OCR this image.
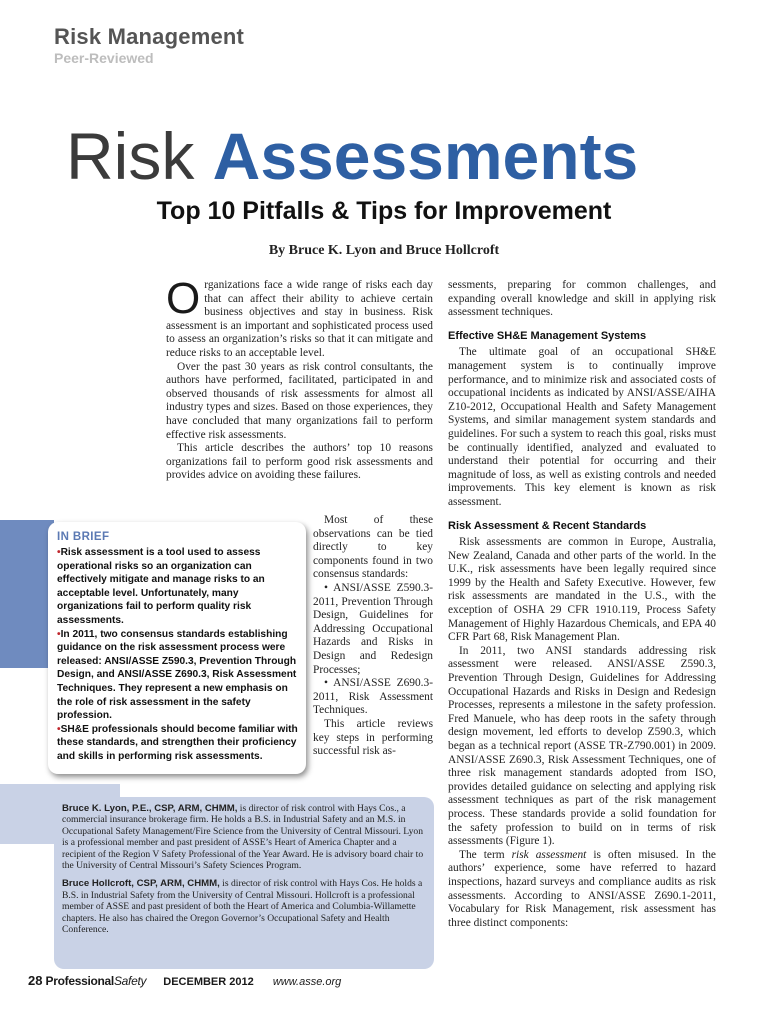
Risk Management
Peer-Reviewed
Risk Assessments
Top 10 Pitfalls & Tips for Improvement
By Bruce K. Lyon and Bruce Hollcroft

Organizations face a wide range of risks each day that can affect their ability to achieve certain business objectives and stay in business. Risk assessment is an important and sophisticated process used to assess an organization’s risks so that it can mitigate and reduce risks to an acceptable level.

Over the past 30 years as risk control consultants, the authors have performed, facilitated, participated in and observed thousands of risk assessments for almost all industry types and sizes. Based on those experiences, they have concluded that many organizations fail to perform effective risk assessments.

This article describes the authors’ top 10 reasons organizations fail to perform good risk assessments and provides advice on avoiding these failures.

Most of these observations can be tied directly to key components found in two consensus standards:

• ANSI/ASSE Z590.3-2011, Prevention Through Design, Guidelines for Addressing Occupational Hazards and Risks in Design and Redesign Processes;

• ANSI/ASSE Z690.3-2011, Risk Assessment Techniques.

This article reviews key steps in performing successful risk as-

sessments, preparing for common challenges, and expanding overall knowledge and skill in applying risk assessment techniques.

Effective SH&E Management Systems

The ultimate goal of an occupational SH&E management system is to continually improve performance, and to minimize risk and associated costs of occupational incidents as indicated by ANSI/ASSE/AIHA Z10-2012, Occupational Health and Safety Management Systems, and similar management system standards and guidelines. For such a system to reach this goal, risks must be continually identified, analyzed and evaluated to understand their potential for occurring and their magnitude of loss, as well as existing controls and needed improvements. This key element is known as risk assessment.

Risk Assessment & Recent Standards

Risk assessments are common in Europe, Australia, New Zealand, Canada and other parts of the world. In the U.K., risk assessments have been legally required since 1999 by the Health and Safety Executive. However, few risk assessments are mandated in the U.S., with the exception of OSHA 29 CFR 1910.119, Process Safety Management of Highly Hazardous Chemicals, and EPA 40 CFR Part 68, Risk Management Plan.

In 2011, two ANSI standards addressing risk assessment were released. ANSI/ASSE Z590.3, Prevention Through Design, Guidelines for Addressing Occupational Hazards and Risks in Design and Redesign Processes, represents a milestone in the safety profession. Fred Manuele, who has deep roots in the safety through design movement, led efforts to develop Z590.3, which began as a technical report (ASSE TR-Z790.001) in 2009. ANSI/ASSE Z690.3, Risk Assessment Techniques, one of three risk management standards adopted from ISO, provides detailed guidance on selecting and applying risk assessment techniques as part of the risk management process. These standards provide a solid foundation for the safety profession to build on in terms of risk assessments (Figure 1).

The term risk assessment is often misused. In the authors’ experience, some have referred to hazard inspections, hazard surveys and compliance audits as risk assessments. According to ANSI/ASSE Z690.1-2011, Vocabulary for Risk Management, risk assessment has three distinct components:

IN BRIEF

•Risk assessment is a tool used to assess operational risks so an organization can effectively mitigate and manage risks to an acceptable level. Unfortunately, many organizations fail to perform quality risk assessments.

•In 2011, two consensus standards establishing guidance on the risk assessment process were released: ANSI/ASSE Z590.3, Prevention Through Design, and ANSI/ASSE Z690.3, Risk Assessment Techniques. They represent a new emphasis on the role of risk assessment in the safety profession.

•SH&E professionals should become familiar with these standards, and strengthen their proficiency and skills in performing risk assessments.

Bruce K. Lyon, P.E., CSP, ARM, CHMM, is director of risk control with Hays Cos., a commercial insurance brokerage firm. He holds a B.S. in Industrial Safety and an M.S. in Occupational Safety Management/Fire Science from the University of Central Missouri. Lyon is a professional member and past president of ASSE’s Heart of America Chapter and a recipient of the Region V Safety Professional of the Year Award. He is advisory board chair to the University of Central Missouri’s Safety Sciences Program.

Bruce Hollcroft, CSP, ARM, CHMM, is director of risk control with Hays Cos. He holds a B.S. in Industrial Safety from the University of Central Missouri. Hollcroft is a professional member of ASSE and past president of both the Heart of America and Columbia-Willamette chapters. He also has chaired the Oregon Governor’s Occupational Safety and Health Conference.

28 ProfessionalSafety DECEMBER 2012 www.asse.org
